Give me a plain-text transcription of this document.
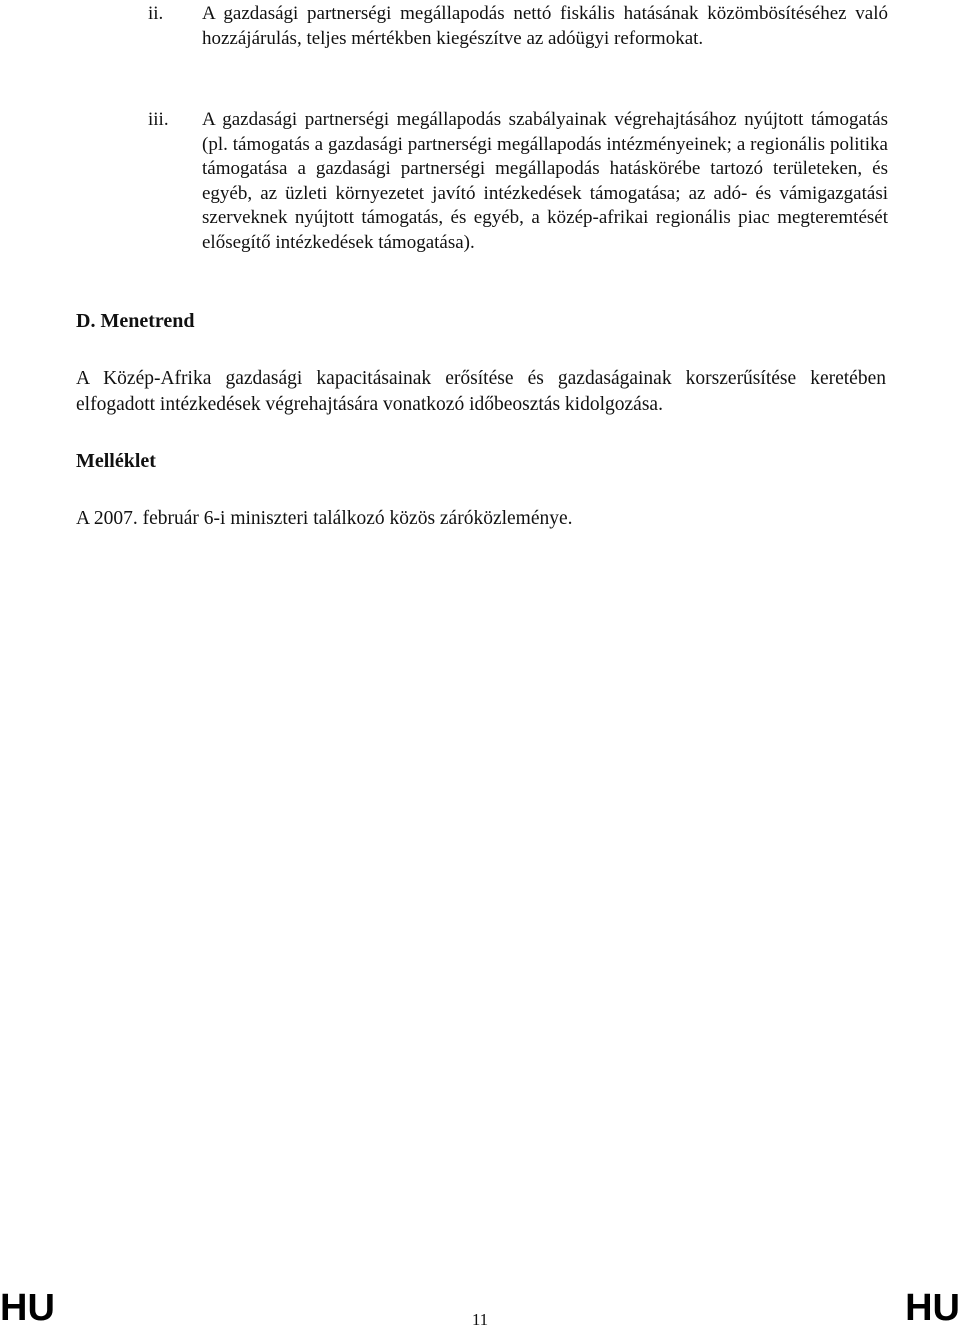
ii.	A gazdasági partnerségi megállapodás nettó fiskális hatásának közömbösítéséhez való hozzájárulás, teljes mértékben kiegészítve az adóügyi reformokat.
iii.	A gazdasági partnerségi megállapodás szabályainak végrehajtásához nyújtott támogatás (pl. támogatás a gazdasági partnerségi megállapodás intézményeinek; a regionális politika támogatása a gazdasági partnerségi megállapodás hatáskörébe tartozó területeken, és egyéb, az üzleti környezetet javító intézkedések támogatása; az adó- és vámigazgatási szerveknek nyújtott támogatás, és egyéb, a közép-afrikai regionális piac megteremtését elősegítő intézkedések támogatása).
D. Menetrend
A Közép-Afrika gazdasági kapacitásainak erősítése és gazdaságainak korszerűsítése keretében elfogadott intézkedések végrehajtására vonatkozó időbeosztás kidolgozása.
Melléklet
A 2007. február 6-i miniszteri találkozó közös záróközleménye.
HU	11	HU
